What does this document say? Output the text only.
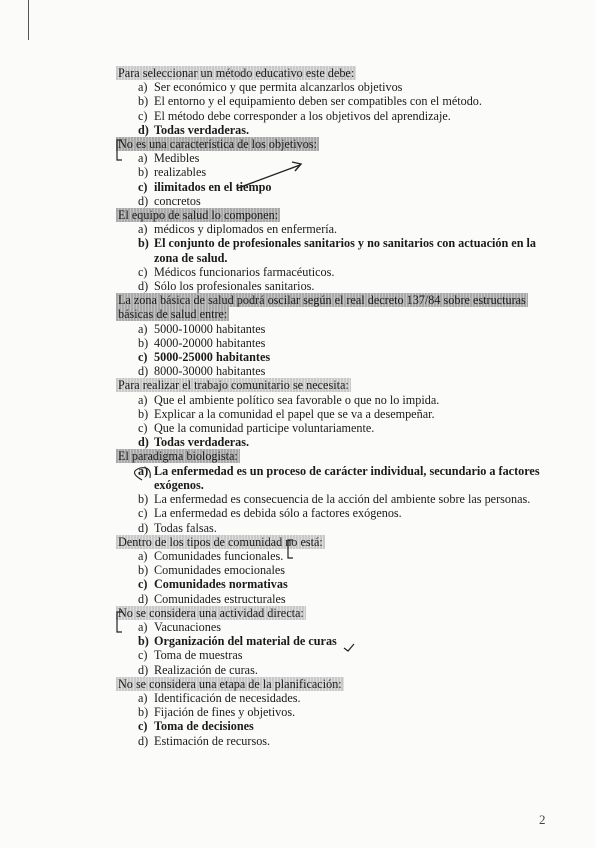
Para seleccionar un método educativo este debe:
a) Ser económico y que permita alcanzarlos objetivos
b) El entorno y el equipamiento deben ser compatibles con el método.
c) El método debe corresponder a los objetivos del aprendizaje.
d) Todas verdaderas.
No es una característica de los objetivos:
a) Medibles
b) realizables
c) ilimitados en el tiempo
d) concretos
El equipo de salud lo componen:
a) médicos y diplomados en enfermería.
b) El conjunto de profesionales sanitarios y no sanitarios con actuación en la zona de salud.
c) Médicos funcionarios farmacéuticos.
d) Sólo los profesionales sanitarios.
La zona básica de salud podrá oscilar según el real decreto 137/84 sobre estructuras básicas de salud entre:
a) 5000-10000 habitantes
b) 4000-20000 habitantes
c) 5000-25000 habitantes
d) 8000-30000 habitantes
Para realizar el trabajo comunitario se necesita:
a) Que el ambiente político sea favorable o que no lo impida.
b) Explicar a la comunidad el papel que se va a desempeñar.
c) Que la comunidad participe voluntariamente.
d) Todas verdaderas.
El paradigma biologista:
a) La enfermedad es un proceso de carácter individual, secundario a factores exógenos.
b) La enfermedad es consecuencia de la acción del ambiente sobre las personas.
c) La enfermedad es debida sólo a factores exógenos.
d) Todas falsas.
Dentro de los tipos de comunidad no está:
a) Comunidades funcionales.
b) Comunidades emocionales
c) Comunidades normativas
d) Comunidades estructurales
No se considera una actividad directa:
a) Vacunaciones
b) Organización del material de curas
c) Toma de muestras
d) Realización de curas.
No se considera una etapa de la planificación:
a) Identificación de necesidades.
b) Fijación de fines y objetivos.
c) Toma de decisiones
d) Estimación de recursos.
2
